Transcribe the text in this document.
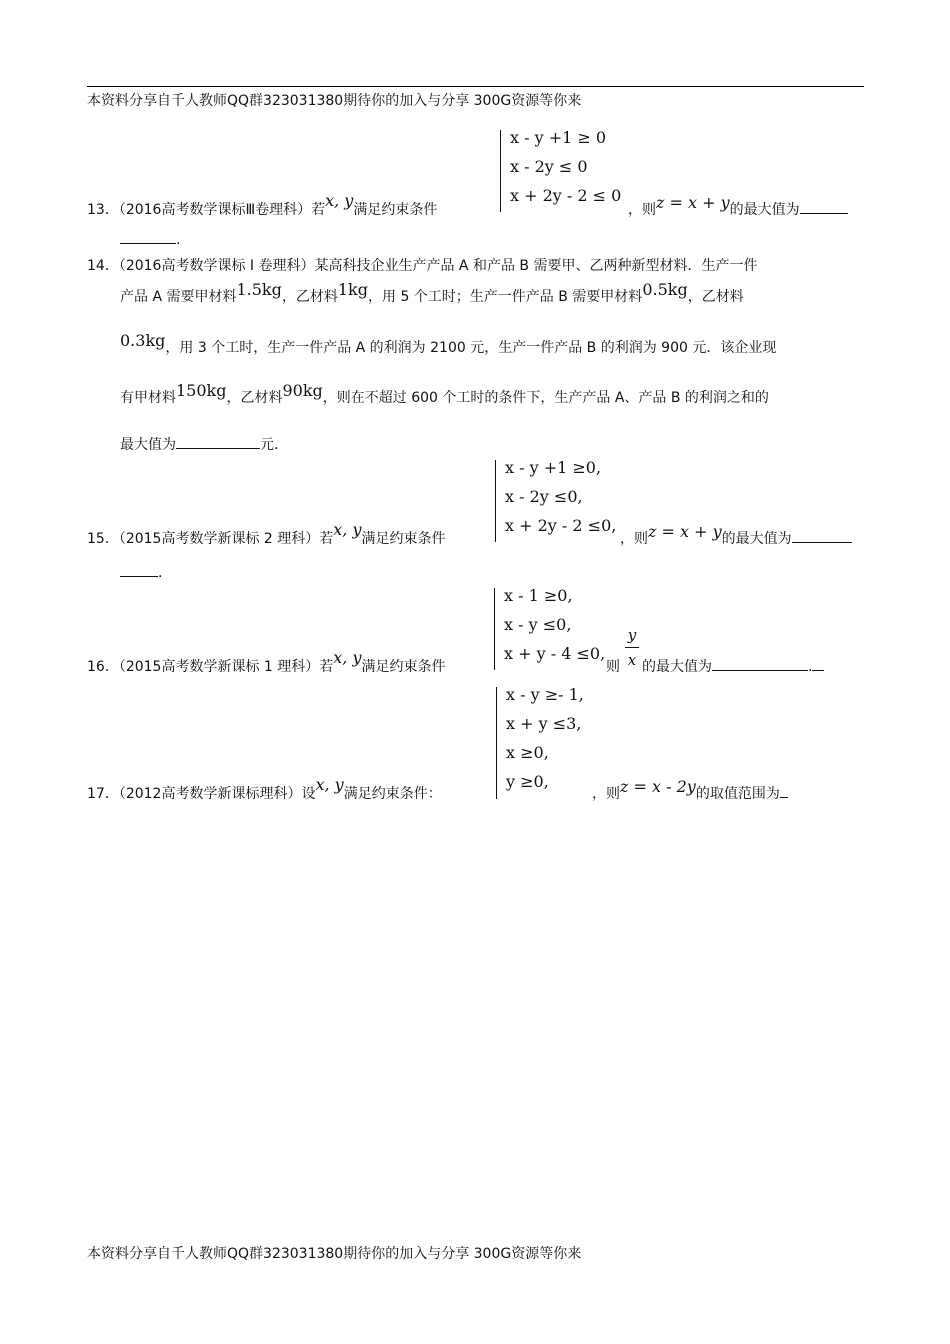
本资料分享自千人教师QQ群323031380期待你的加入与分享 300G资源等你来
x - y +1 ≥ 0
x - 2y ≤ 0
x + 2y - 2 ≤ 0
13．（2016高考数学课标Ⅲ卷理科）若x, y满足约束条件	，则z = x + y的最大值为
.
14．（2016高考数学课标 I 卷理科）某高科技企业生产产品 A 和产品 B 需要甲、乙两种新型材料．生产一件
产品 A 需要甲材料1.5kg，乙材料1kg，用 5 个工时；生产一件产品 B 需要甲材料0.5kg，乙材料
0.3kg，用 3 个工时，生产一件产品 A 的利润为 2100 元，生产一件产品 B 的利润为 900 元．该企业现
有甲材料150kg，乙材料90kg，则在不超过 600 个工时的条件下，生产产品 A、产品 B 的利润之和的
最大值为	元．
x - y +1 ≥0,
x - 2y ≤0,
x + 2y - 2 ≤0,
15．（2015高考数学新课标 2 理科）若x, y满足约束条件	，则z = x + y的最大值为
.
x - 1 ≥0,
x - y ≤0,
x + y - 4 ≤0,
16．（2015高考数学新课标 1 理科）若x, y满足约束条件	则
y
x 的最大值为	.
x - y ≥- 1,
x + y ≤3,
x ≥0,
y ≥0,
17．（2012高考数学新课标理科）设x, y满足约束条件：	，则z = x - 2y的取值范围为
本资料分享自千人教师QQ群323031380期待你的加入与分享 300G资源等你来
